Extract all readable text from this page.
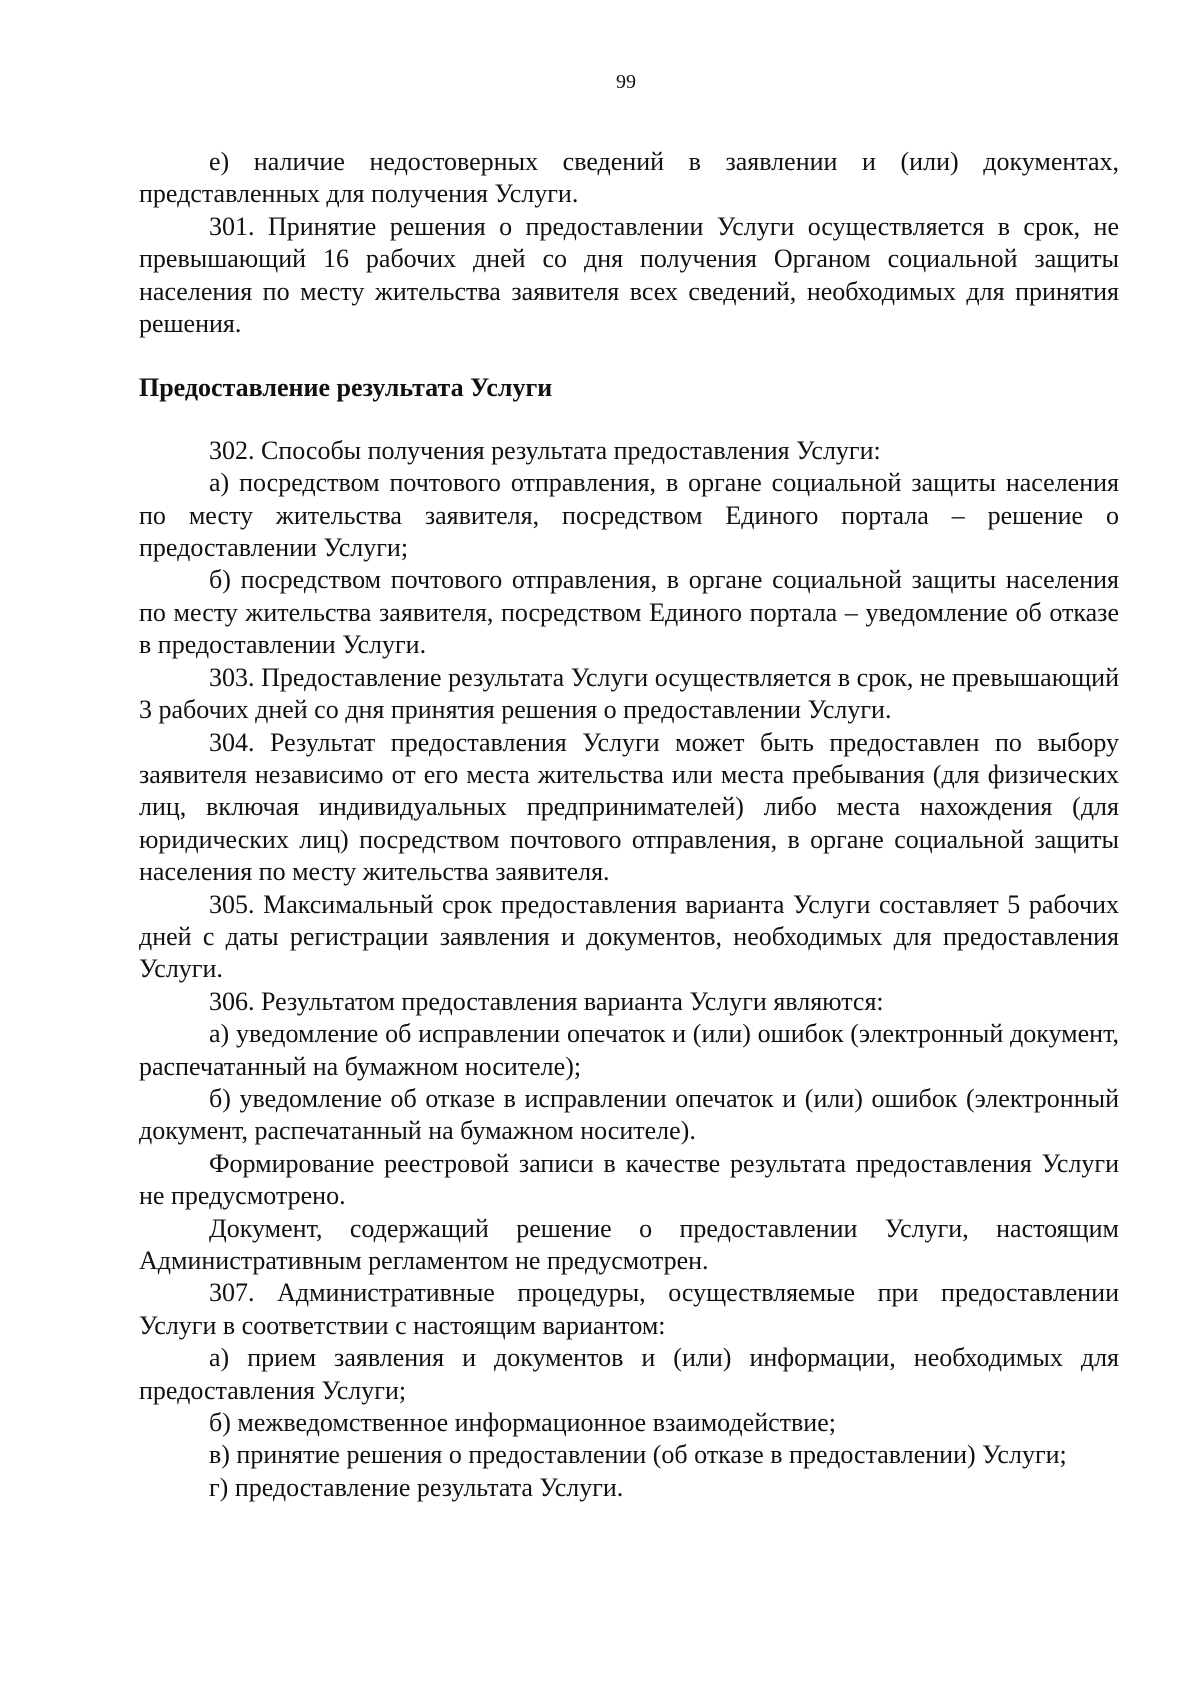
99

е) наличие недостоверных сведений в заявлении и (или) документах, представленных для получения Услуги.

301. Принятие решения о предоставлении Услуги осуществляется в срок, не превышающий 16 рабочих дней со дня получения Органом социальной защиты населения по месту жительства заявителя всех сведений, необходимых для принятия решения.

Предоставление результата Услуги

302. Способы получения результата предоставления Услуги:

а) посредством почтового отправления, в органе социальной защиты населения по месту жительства заявителя, посредством Единого портала – решение о предоставлении Услуги;

б) посредством почтового отправления, в органе социальной защиты населения по месту жительства заявителя, посредством Единого портала – уведомление об отказе в предоставлении Услуги.

303. Предоставление результата Услуги осуществляется в срок, не превышающий 3 рабочих дней со дня принятия решения о предоставлении Услуги.

304. Результат предоставления Услуги может быть предоставлен по выбору заявителя независимо от его места жительства или места пребывания (для физических лиц, включая индивидуальных предпринимателей) либо места нахождения (для юридических лиц) посредством почтового отправления, в органе социальной защиты населения по месту жительства заявителя.

305. Максимальный срок предоставления варианта Услуги составляет 5 рабочих дней с даты регистрации заявления и документов, необходимых для предоставления Услуги.

306. Результатом предоставления варианта Услуги являются:

а) уведомление об исправлении опечаток и (или) ошибок (электронный документ, распечатанный на бумажном носителе);

б) уведомление об отказе в исправлении опечаток и (или) ошибок (электронный документ, распечатанный на бумажном носителе).

Формирование реестровой записи в качестве результата предоставления Услуги не предусмотрено.

Документ, содержащий решение о предоставлении Услуги, настоящим Административным регламентом не предусмотрен.

307. Административные процедуры, осуществляемые при предоставлении Услуги в соответствии с настоящим вариантом:

а) прием заявления и документов и (или) информации, необходимых для предоставления Услуги;

б) межведомственное информационное взаимодействие;

в) принятие решения о предоставлении (об отказе в предоставлении) Услуги;

г) предоставление результата Услуги.
